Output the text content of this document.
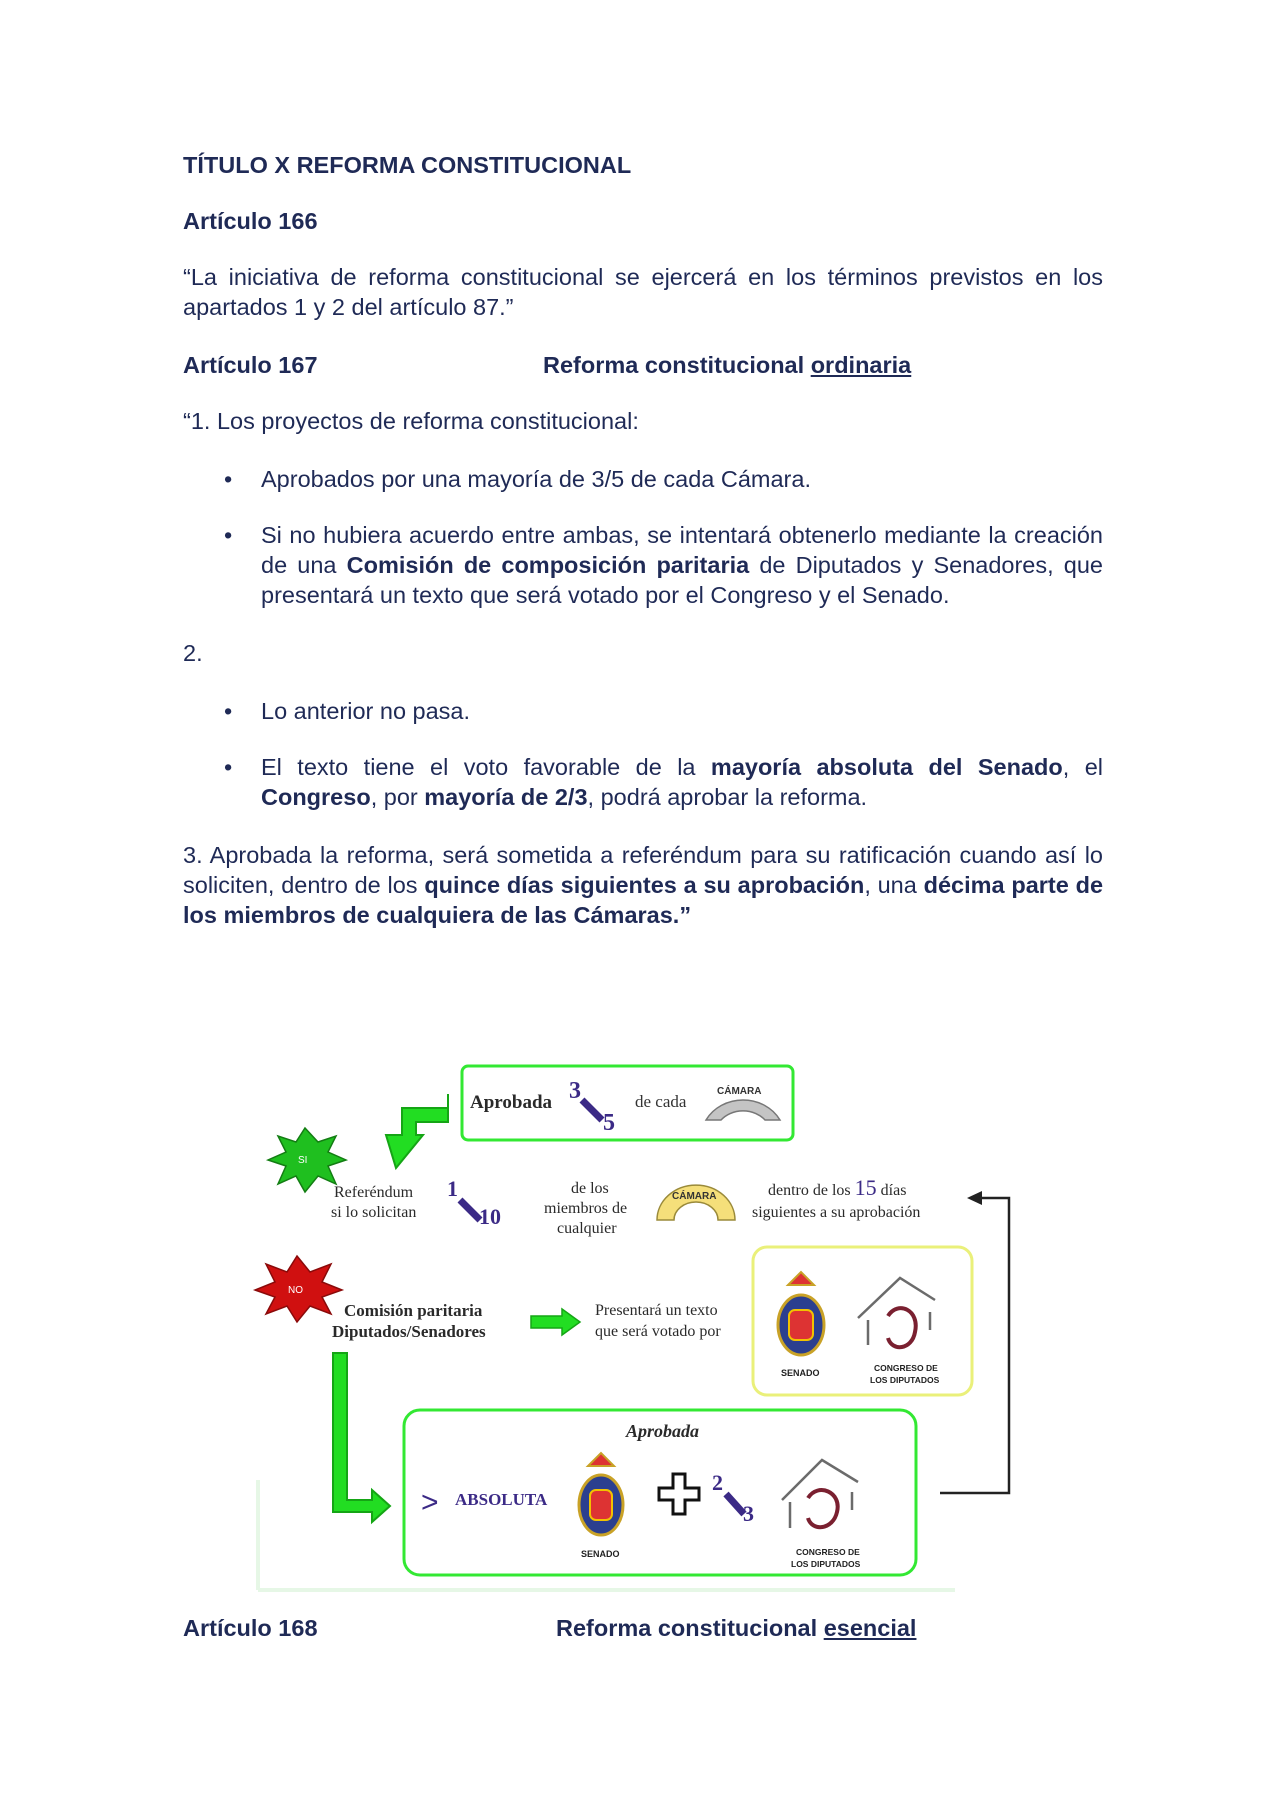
TÍTULO X REFORMA CONSTITUCIONAL

Artículo 166

“La iniciativa de reforma constitucional se ejercerá en los términos previstos en los apartados 1 y 2 del artículo 87.”

Artículo 167	Reforma constitucional ordinaria

“1. Los proyectos de reforma constitucional:

• Aprobados por una mayoría de 3/5 de cada Cámara.
• Si no hubiera acuerdo entre ambas, se intentará obtenerlo mediante la creación de una Comisión de composición paritaria de Diputados y Senadores, que presentará un texto que será votado por el Congreso y el Senado.

2.

• Lo anterior no pasa.
• El texto tiene el voto favorable de la mayoría absoluta del Senado, el Congreso, por mayoría de 2/3, podrá aprobar la reforma.

3. Aprobada la reforma, será sometida a referéndum para su ratificación cuando así lo soliciten, dentro de los quince días siguientes a su aprobación, una décima parte de los miembros de cualquiera de las Cámaras.”

Aprobada 3
5
de cada
CÁMARA
SI
Referéndum
si lo solicitan
1
10
de los
miembros de
cualquier
CÁMARA	dentro de los 15 días
siguientes a su aprobación
NO
Comisión paritaria
Diputados/Senadores
Presentará un texto
que será votado por
SENADO	CONGRESO DE
LOS DIPUTADOS
Aprobada
> ABSOLUTA
SENADO
2
3
CONGRESO DE
LOS DIPUTADOS
Artículo 168	Reforma constitucional esencial
